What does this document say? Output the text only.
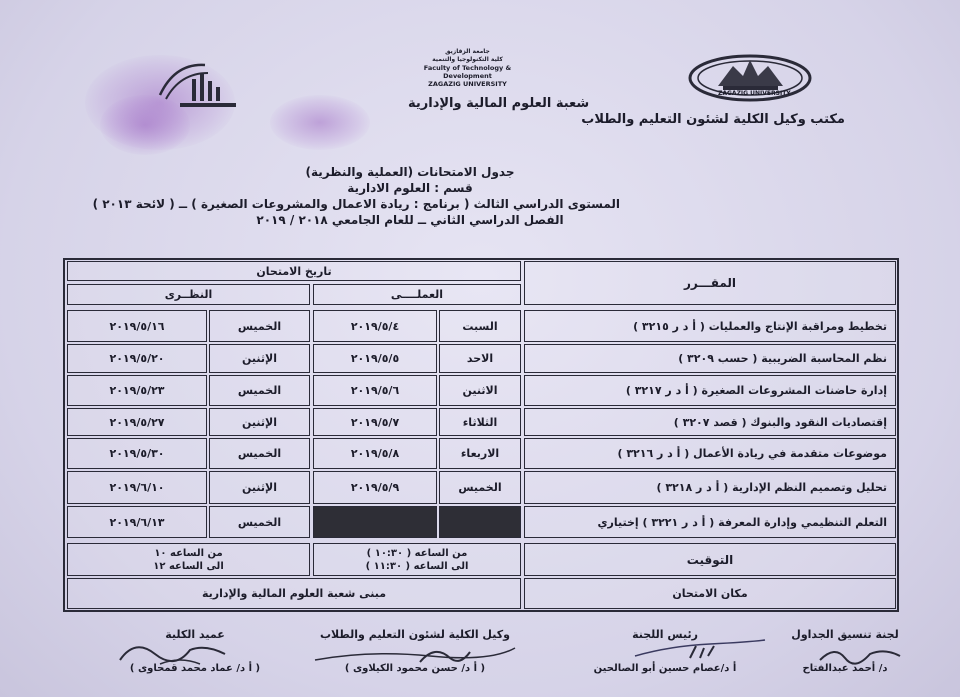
ZAGAZIG UNIVERSITY
مكتب وكيل الكلية لشئون التعليم والطلاب
جامعة الزقازيق
كلية التكنولوجيا والتنمية
Faculty of Technology & Development
ZAGAZIG UNIVERSITY
شعبة العلوم المالية والإدارية
جدول الامتحانات (العملية والنظرية)
قسم : العلوم الادارية
المستوى الدراسي الثالث ( برنامج : ريادة الاعمال والمشروعات الصغيرة ) ــ ( لائحة ٢٠١٣ )
الفصل الدراسي الثاني ــ للعام الجامعي ٢٠١٨ / ٢٠١٩
المقـــرر
تاريخ الامتحان
العملــــى
النظــرى
تخطيط ومراقبة الإنتاج والعمليات ( أ د ر ٣٢١٥ )
السبت
٢٠١٩/٥/٤
الخميس
٢٠١٩/٥/١٦
نظم المحاسبة الضريبية ( حسب ٣٢٠٩ )
الاحد
٢٠١٩/٥/٥
الإثنين
٢٠١٩/٥/٢٠
إدارة حاضنات المشروعات الصغيرة ( أ د ر ٣٢١٧ )
الاثنين
٢٠١٩/٥/٦
الخميس
٢٠١٩/٥/٢٣
إقتصاديات النقود والبنوك ( قصد ٣٢٠٧ )
الثلاثاء
٢٠١٩/٥/٧
الإثنين
٢٠١٩/٥/٢٧
موضوعات متقدمة في ريادة الأعمال ( أ د ر ٣٢١٦ )
الاربعاء
٢٠١٩/٥/٨
الخميس
٢٠١٩/٥/٣٠
تحليل وتصميم النظم الإدارية ( أ د ر ٣٢١٨ )
الخميس
٢٠١٩/٥/٩
الإثنين
٢٠١٩/٦/١٠
التعلم التنظيمي وإدارة المعرفة ( أ د ر ٣٢٢١ ) إختياري
الخميس
٢٠١٩/٦/١٣
التوقيت
من الساعه ( ١٠:٣٠ )
الى الساعه ( ١١:٣٠ )
من الساعه ١٠
الى الساعه ١٢
مكان الامتحان
مبنى شعبة العلوم المالية والإدارية
لجنة تنسيق الجداول
د/ أحمد عبدالفتاح
رئيس اللجنة
أ د/عصام حسين أبو الصالحين
وكيل الكلية لشئون التعليم والطلاب
( أ د/ حسن محمود الكيلاوى )
عميد الكلية
( أ د/ عماد محمد قمحاوى )
